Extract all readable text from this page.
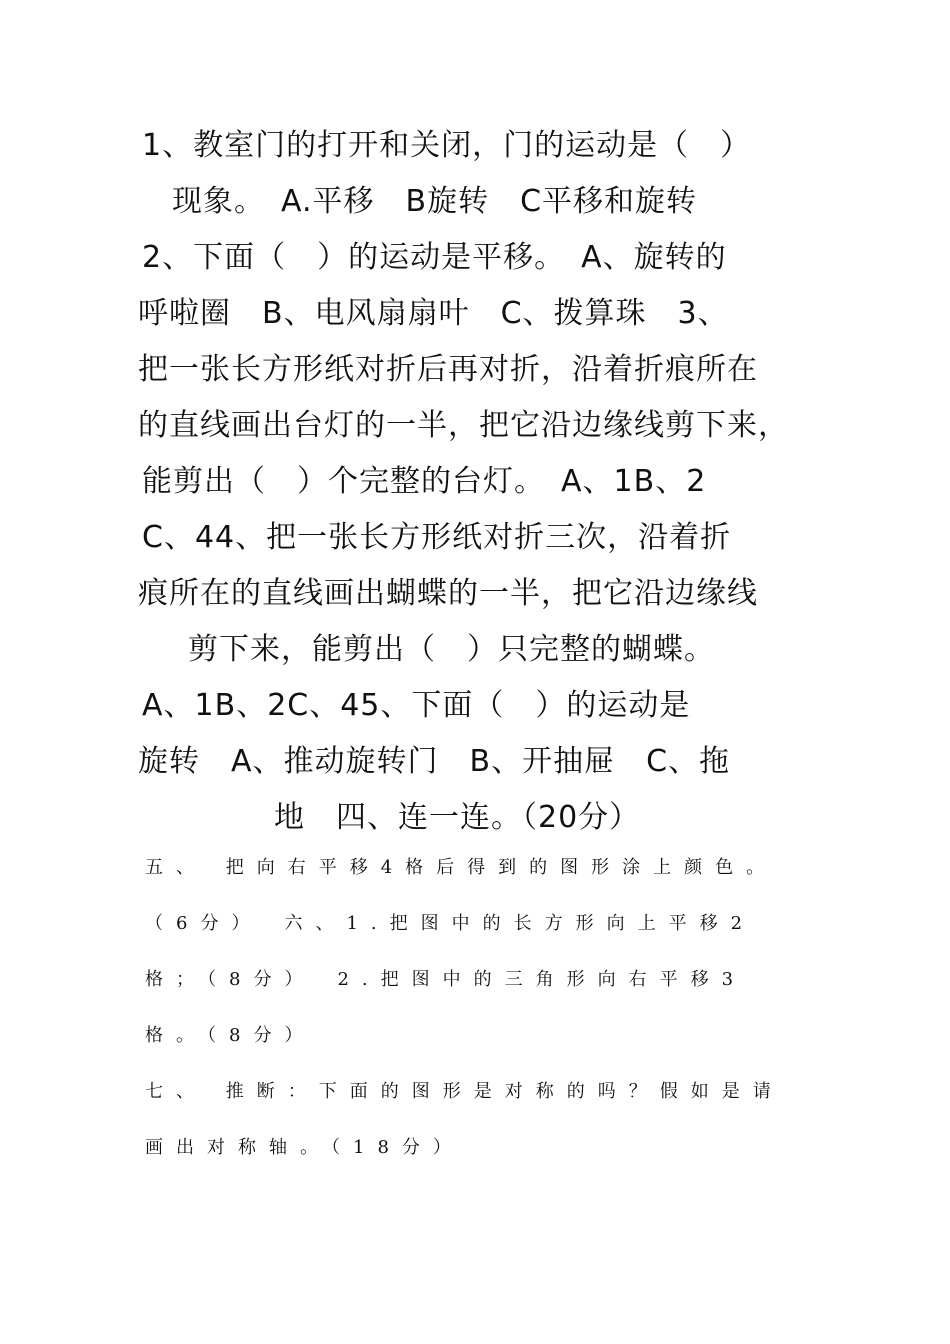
1、教室门的打开和关闭，门的运动是（　）
现象。　A.平移　B旋转　C平移和旋转
2、下面（　）的运动是平移。　A、旋转的
呼啦圈　B、电风扇扇叶　C、拨算珠　3、
把一张长方形纸对折后再对折，沿着折痕所在
的直线画出台灯的一半，把它沿边缘线剪下来，
能剪出（　）个完整的台灯。　A、1B、2
C、44、把一张长方形纸对折三次，沿着折
痕所在的直线画出蝴蝶的一半，把它沿边缘线
剪下来，能剪出（　）只完整的蝴蝶。
A、1B、2C、45、下面（　）的运动是
旋转　A、推动旋转门　B、开抽屉　C、拖
地　四、连一连。（20分）
五、 把向右平移4格后得到的图形涂上颜色。
（6分）　六、1.把图中的长方形向上平移2
格；（8分）　2.把图中的三角形向右平移3
格。（8分）
七、 推断：下面的图形是对称的吗？假如是请
画出对称轴。（18分）
